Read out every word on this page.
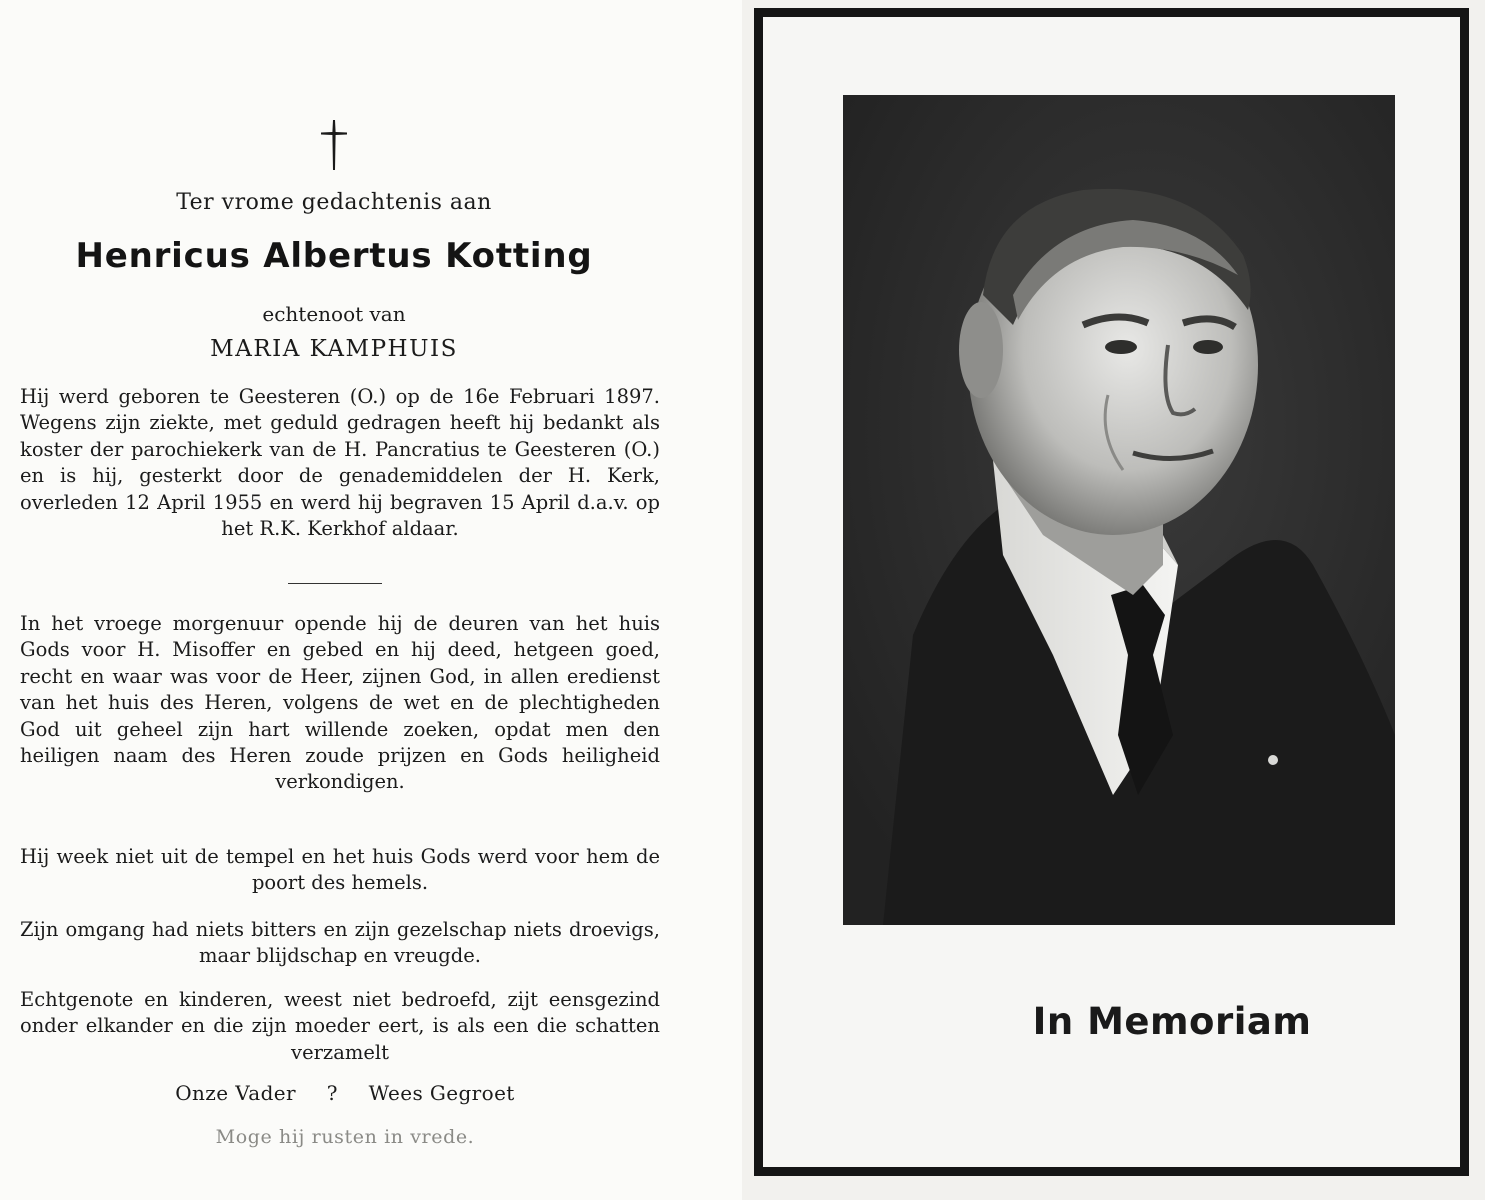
Ter vrome gedachtenis aan
Henricus Albertus Kotting
echtenoot van
MARIA KAMPHUIS
Hij werd geboren te Geesteren (O.) op de 16e Februari 1897. Wegens zijn ziekte, met geduld gedragen heeft hij bedankt als koster der parochiekerk van de H. Pancratius te Geesteren (O.) en is hij, gesterkt door de genademiddelen der H. Kerk, overleden 12 April 1955 en werd hij begraven 15 April d.a.v. op het R.K. Kerkhof aldaar.
In het vroege morgenuur opende hij de deuren van het huis Gods voor H. Misoffer en gebed en hij deed, hetgeen goed, recht en waar was voor de Heer, zijnen God, in allen eredienst van het huis des Heren, volgens de wet en de plechtigheden God uit geheel zijn hart willende zoeken, opdat men den heiligen naam des Heren zoude prijzen en Gods heiligheid verkondigen.
Hij week niet uit de tempel en het huis Gods werd voor hem de poort des hemels.
Zijn omgang had niets bitters en zijn gezelschap niets droevigs, maar blijdschap en vreugde.
Echtgenote en kinderen, weest niet bedroefd, zijt eensgezind onder elkander en die zijn moeder eert, is als een die schatten verzamelt
Onze Vader ? Wees Gegroet
Moge hij rusten in vrede.
In Memoriam
